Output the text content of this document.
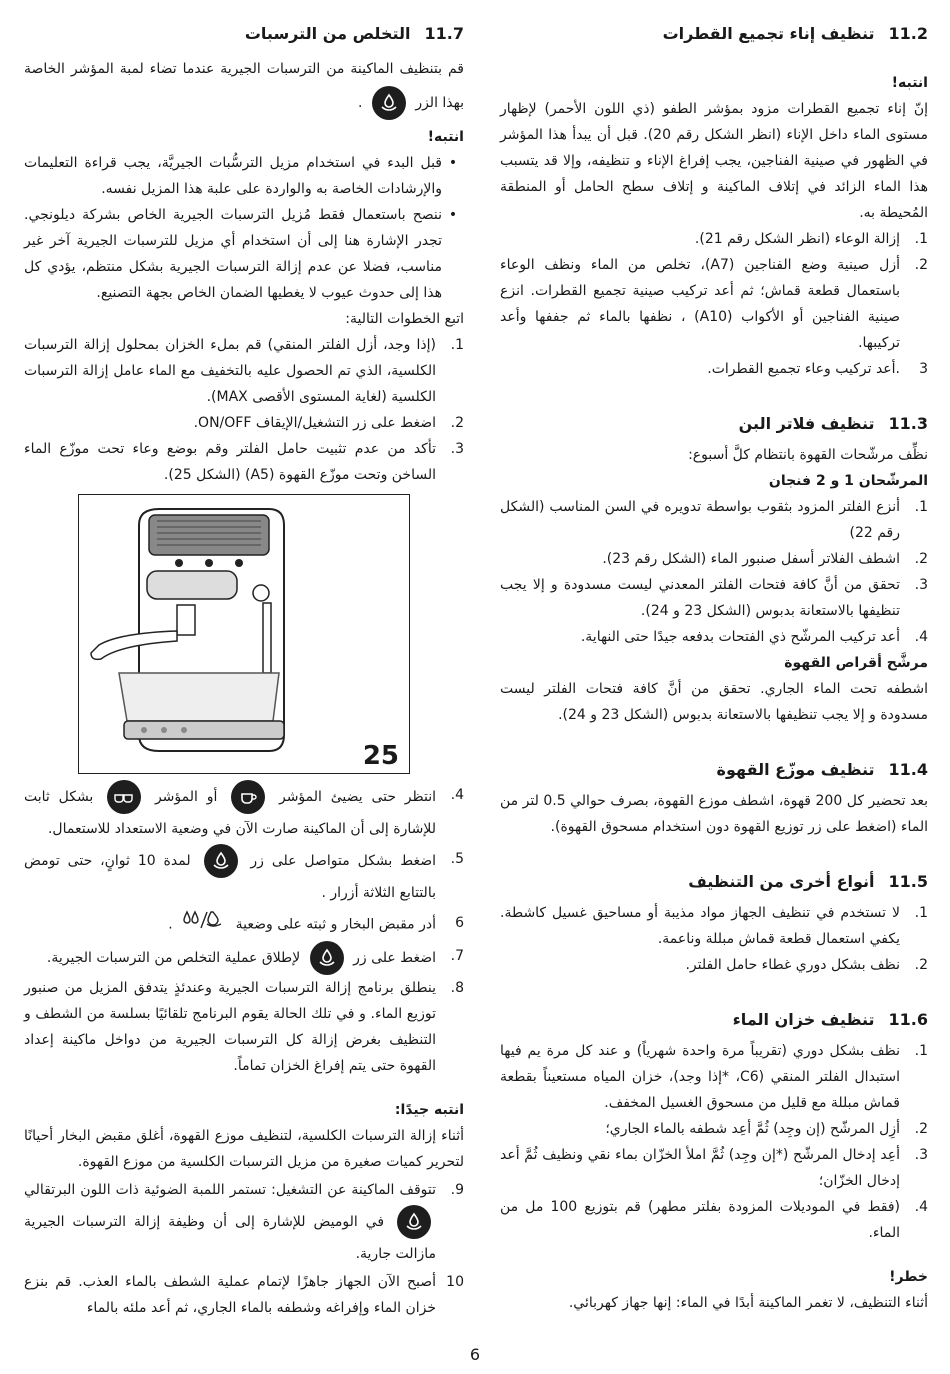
11.2تنظيف إناء تجميع القطرات
انتبه!

إنّ إناء تجميع القطرات مزود بمؤشر الطفو (ذي اللون الأحمر) لإظهار مستوى الماء داخل الإناء (انظر الشكل رقم 20). قبل أن يبدأ هذا المؤشر في الظهور في صينية الفناجين، يجب إفراغ الإناء و تنظيفه، وإلا قد يتسبب هذا الماء الزائد في إتلاف الماكينة و إتلاف سطح الحامل أو المنطقة المُحيطة به.

1.
إزالة الوعاء (انظر الشكل رقم 21).
2.
أزل صينية وضع الفناجين (A7)، تخلص من الماء ونظف الوعاء باستعمال قطعة قماش؛ ثم أعد تركيب صينية تجميع القطرات. انزع صينية الفناجين أو الأكواب (A10) ، نظفها بالماء ثم جففها وأعد تركيبها.
3
.أعد تركيب وعاء تجميع القطرات.
11.3تنظيف فلاتر البن

نظِّف مرشّحات القهوة بانتظام كلَّ أسبوع:

المرشّحان 1 و 2 فنجان
1.
أنزع الفلتر المزود بثقوب بواسطة تدويره في السن المناسب (الشكل رقم 22)
2.
اشطف الفلاتر أسفل صنبور الماء (الشكل رقم 23).
3.
تحقق من أنَّ كافة فتحات الفلتر المعدني ليست مسدودة و إلا يجب تنظيفها بالاستعانة بدبوس (الشكل 23 و 24).
4.
أعد تركيب المرشّح ذي الفتحات بدفعه جيدًا حتى النهاية.
مرشَّح أقراص القهوة

اشطفه تحت الماء الجاري. تحقق من أنَّ كافة فتحات الفلتر ليست مسدودة و إلا يجب تنظيفها بالاستعانة بدبوس (الشكل 23 و 24).

11.4تنظيف موزّع القهوة

بعد تحضير كل 200 قهوة، اشطف موزع القهوة، بصرف حوالي 0.5 لتر من الماء (اضغط على زر توزيع القهوة دون استخدام مسحوق القهوة).

11.5أنواع أخرى من التنظيف
1.
لا تستخدم في تنظيف الجهاز مواد مذيبة أو مساحيق غسيل كاشطة. يكفي استعمال قطعة قماش مبللة وناعمة.
2.
نظف بشكل دوري غطاء حامل الفلتر.
11.6تنظيف خزان الماء
1.
نظف بشكل دوري (تقريباً مرة واحدة شهرياً) و عند كل مرة يم فيها استبدال الفلتر المنقي (C6، *إذا وجد)، خزان المياه مستعيناً بقطعة قماش مبللة مع قليل من مسحوق الغسيل المخفف.
2.
أزِل المرشّح (إن وجِد) ثُمَّ أعِد شطفه بالماء الجاري؛
3.
أعِد إدخال المرشّح (*إن وجِد) ثُمَّ املأ الخزّان بماء نقي ونظيف ثُمَّ أعد إدخال الخزّان؛
4.
(فقط في الموديلات المزودة بفلتر مطهر) قم بتوزيع 100 مل من الماء.
خطر!

أثناء التنظيف، لا تغمر الماكينة أبدًا في الماء: إنها جهاز كهربائي.

11.7التخلص من الترسبات

قم بتنظيف الماكينة من الترسبات الجيرية عندما تضاء لمبة المؤشر الخاصة بهذا الزر
.

انتبه!
•
قبل البدء في استخدام مزيل الترسُّبات الجيريَّة، يجب قراءة التعليمات والإرشادات الخاصة به والواردة على علبة هذا المزيل نفسه.
•
ننصح باستعمال فقط مُزيل الترسبات الجيرية الخاص بشركة ديلونجي. تجدر الإشارة هنا إلى أن استخدام أي مزيل للترسبات الجيرية آخر غير مناسب، فضلا عن عدم إزالة الترسبات الجيرية بشكل منتظم، يؤدي كل هذا إلى حدوث عيوب لا يغطيها الضمان الخاص بجهة التصنيع.

اتبع الخطوات التالية:

1.
(إذا وجد، أزل الفلتر المنقي) قم بملء الخزان بمحلول إزالة الترسبات الكلسية، الذي تم الحصول عليه بالتخفيف مع الماء عامل إزالة الترسبات الكلسية (لغاية المستوى الأقصى MAX).
2.
اضغط على زر التشغيل/الإيقاف ON/OFF.
3.
تأكد من عدم تثبيت حامل الفلتر وقم بوضع وعاء تحت موزّع الماء الساخن وتحت موزّع القهوة (A5) (الشكل 25).
25
4.
انتظر حتى يضيئ المؤشر
أو المؤشر
بشكل ثابت للإشارة إلى أن الماكينة صارت الآن في وضعية الاستعداد للاستعمال.
5.
اضغط بشكل متواصل على زر
لمدة 10 ثوانٍ، حتى تومض بالتتابع الثلاثة أزرار .
6
أدر مقبض البخار و ثبته على وضعية  .
7.
اضغط على زر
لإطلاق عملية التخلص من الترسبات الجيرية.
8.
ينطلق برنامج إزالة الترسبات الجيرية وعندئذٍ يتدفق المزيل من صنبور توزيع الماء. و في تلك الحالة يقوم البرنامج تلقائيًا بسلسة من الشطف و التنظيف بغرض إزالة كل الترسبات الجيرية من دواخل ماكينة إعداد القهوة حتى يتم إفراغ الخزان تماماً.
انتبه جيدًا:

أثناء إزالة الترسبات الكلسية، لتنظيف موزع القهوة، أغلق مقبض البخار أحيانًا لتحرير كميات صغيرة من مزيل الترسبات الكلسية من موزع القهوة.

9.
تتوقف الماكينة عن التشغيل: تستمر اللمبة الضوئية ذات اللون البرتقالي
في الوميض للإشارة إلى أن وظيفة إزالة الترسبات الجيرية مازالت جارية.
10
أصبح الآن الجهاز جاهزًا لإتمام عملية الشطف بالماء العذب. قم بنزع خزان الماء وإفراغه وشطفه بالماء الجاري، ثم أعد ملئه بالماء
6
